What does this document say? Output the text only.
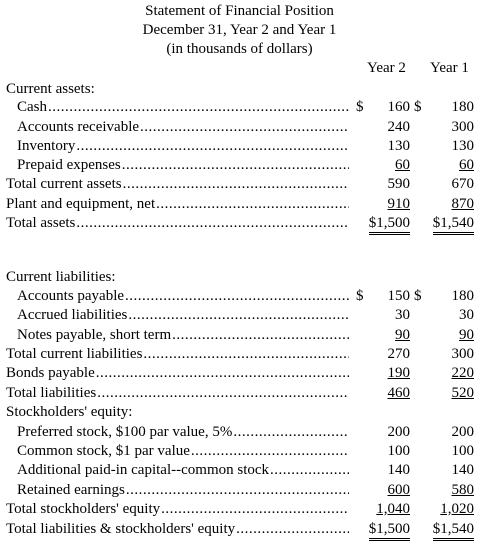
Statement of Financial Position
December 31, Year 2 and Year 1
(in thousands of dollars)
Year 2 Year 1
Current assets:
Cash .....	$ 160 $ 180
Accounts receivable .....	240	300
Inventory .....	130	130
Prepaid expenses .....	60	60
Total current assets .....	590	670
Plant and equipment, net .....	910	870
Total assets .....	$1,500	$1,540
Current liabilities:
Accounts payable .....	$ 150 $ 180
Accrued liabilities .....	30	30
Notes payable, short term .....	90	90
Total current liabilities .....	270	300
Bonds payable .....	190	220
Total liabilities .....	460	520
Stockholders' equity:
Preferred stock, $100 par value, 5% .....	200	200
Common stock, $1 par value .....	100	100
Additional paid-in capital--common stock .....	140	140
Retained earnings .....	600	580
Total stockholders' equity .....	1,040	1,020
Total liabilities & stockholders' equity .....	$1,500	$1,540
